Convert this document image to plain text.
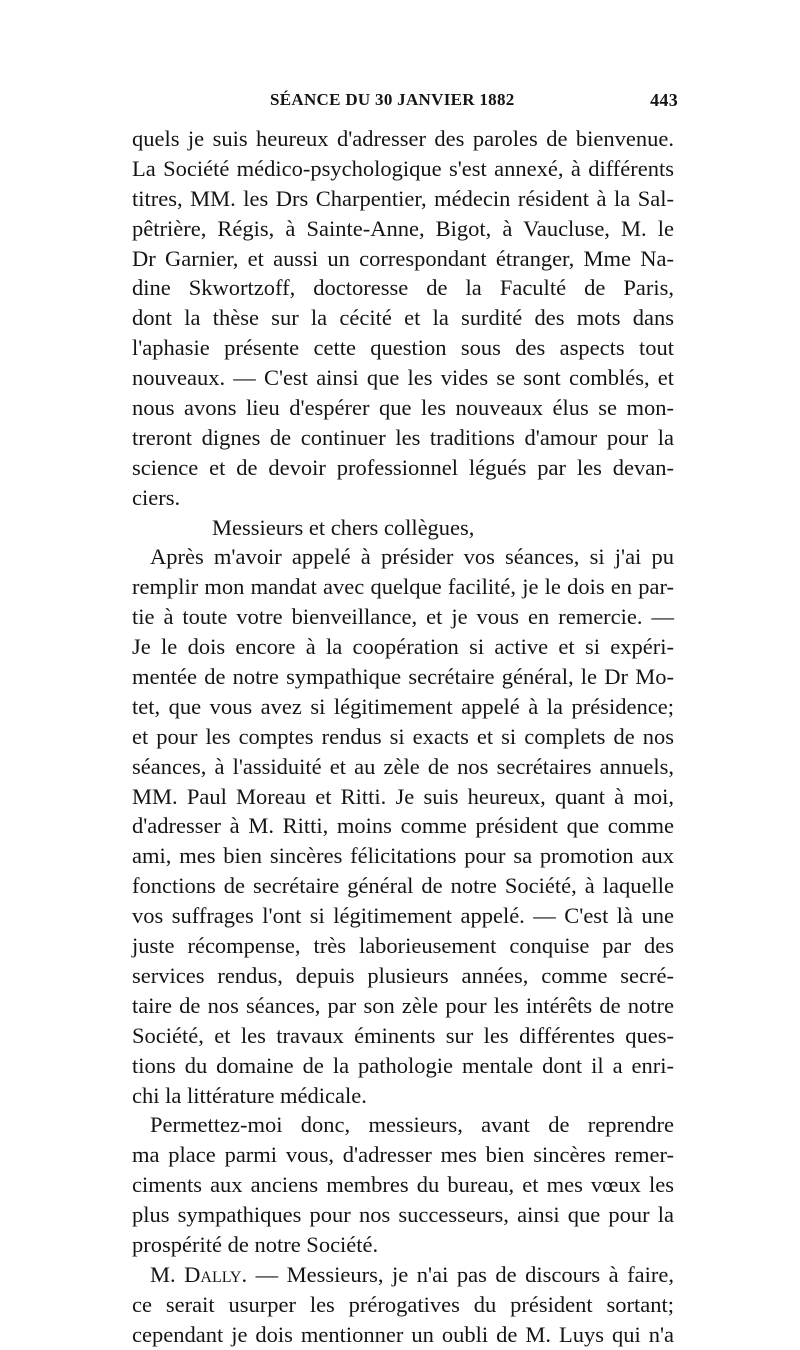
SÉANCE DU 30 JANVIER 1882	443
quels je suis heureux d'adresser des paroles de bienvenue.
La Société médico-psychologique s'est annexé, à différents
titres, MM. les Drs Charpentier, médecin résident à la Sal-
pêtrière, Régis, à Sainte-Anne, Bigot, à Vaucluse, M. le
Dr Garnier, et aussi un correspondant étranger, Mme Na-
dine Skwortzoff, doctoresse de la Faculté de Paris,
dont la thèse sur la cécité et la surdité des mots dans
l'aphasie présente cette question sous des aspects tout
nouveaux. — C'est ainsi que les vides se sont comblés, et
nous avons lieu d'espérer que les nouveaux élus se mon-
treront dignes de continuer les traditions d'amour pour la
science et de devoir professionnel légués par les devan-
ciers.
Messieurs et chers collègues,
Après m'avoir appelé à présider vos séances, si j'ai pu
remplir mon mandat avec quelque facilité, je le dois en par-
tie à toute votre bienveillance, et je vous en remercie. —
Je le dois encore à la coopération si active et si expéri-
mentée de notre sympathique secrétaire général, le Dr Mo-
tet, que vous avez si légitimement appelé à la présidence;
et pour les comptes rendus si exacts et si complets de nos
séances, à l'assiduité et au zèle de nos secrétaires annuels,
MM. Paul Moreau et Ritti. Je suis heureux, quant à moi,
d'adresser à M. Ritti, moins comme président que comme
ami, mes bien sincères félicitations pour sa promotion aux
fonctions de secrétaire général de notre Société, à laquelle
vos suffrages l'ont si légitimement appelé. — C'est là une
juste récompense, très laborieusement conquise par des
services rendus, depuis plusieurs années, comme secré-
taire de nos séances, par son zèle pour les intérêts de notre
Société, et les travaux éminents sur les différentes ques-
tions du domaine de la pathologie mentale dont il a enri-
chi la littérature médicale.
Permettez-moi donc, messieurs, avant de reprendre
ma place parmi vous, d'adresser mes bien sincères remer-
ciments aux anciens membres du bureau, et mes vœux les
plus sympathiques pour nos successeurs, ainsi que pour la
prospérité de notre Société.
M. Dally. — Messieurs, je n'ai pas de discours à faire,
ce serait usurper les prérogatives du président sortant;
cependant je dois mentionner un oubli de M. Luys qui n'a
